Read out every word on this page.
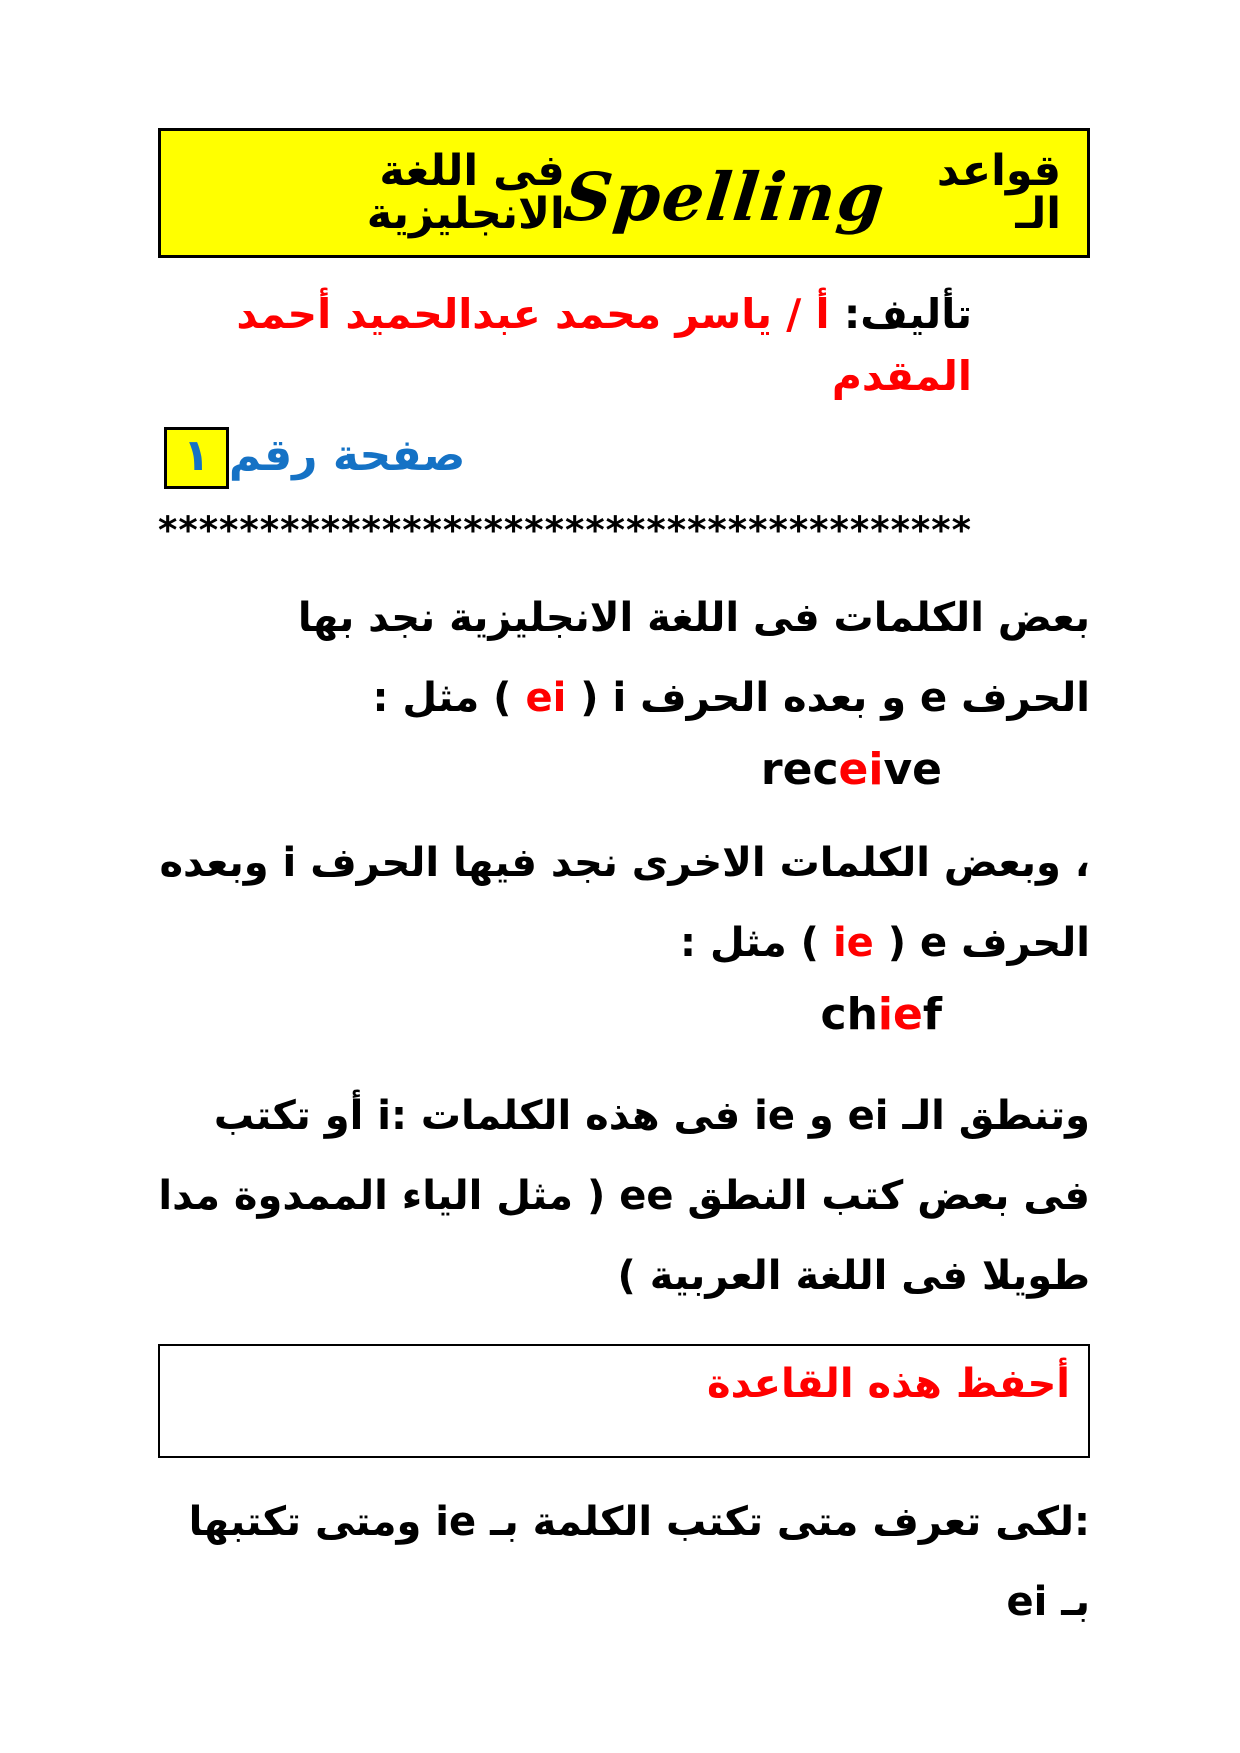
قواعد الـ
Spelling
فى اللغة الانجليزية

تأليف: أ / ياسر محمد عبدالحميد أحمد المقدم

صفحة رقم١

****************************************

بعض الكلمات فى اللغة الانجليزية نجد بها الحرف e و بعده الحرف i ‏(ei)‏ مثل :

receive

، وبعض الكلمات الاخرى نجد فيها الحرف i وبعده الحرف e ‏(ie)‏ مثل :

chief

وتنطق الـ ei و ie فى هذه الكلمات :i أو تكتب فى بعض كتب النطق ee ( مثل الياء الممدوة مدا طويلا فى اللغة العربية )

أحفظ هذه القاعدة

:لكى تعرف متى تكتب الكلمة بـ ie ومتى تكتبها بـ ei
